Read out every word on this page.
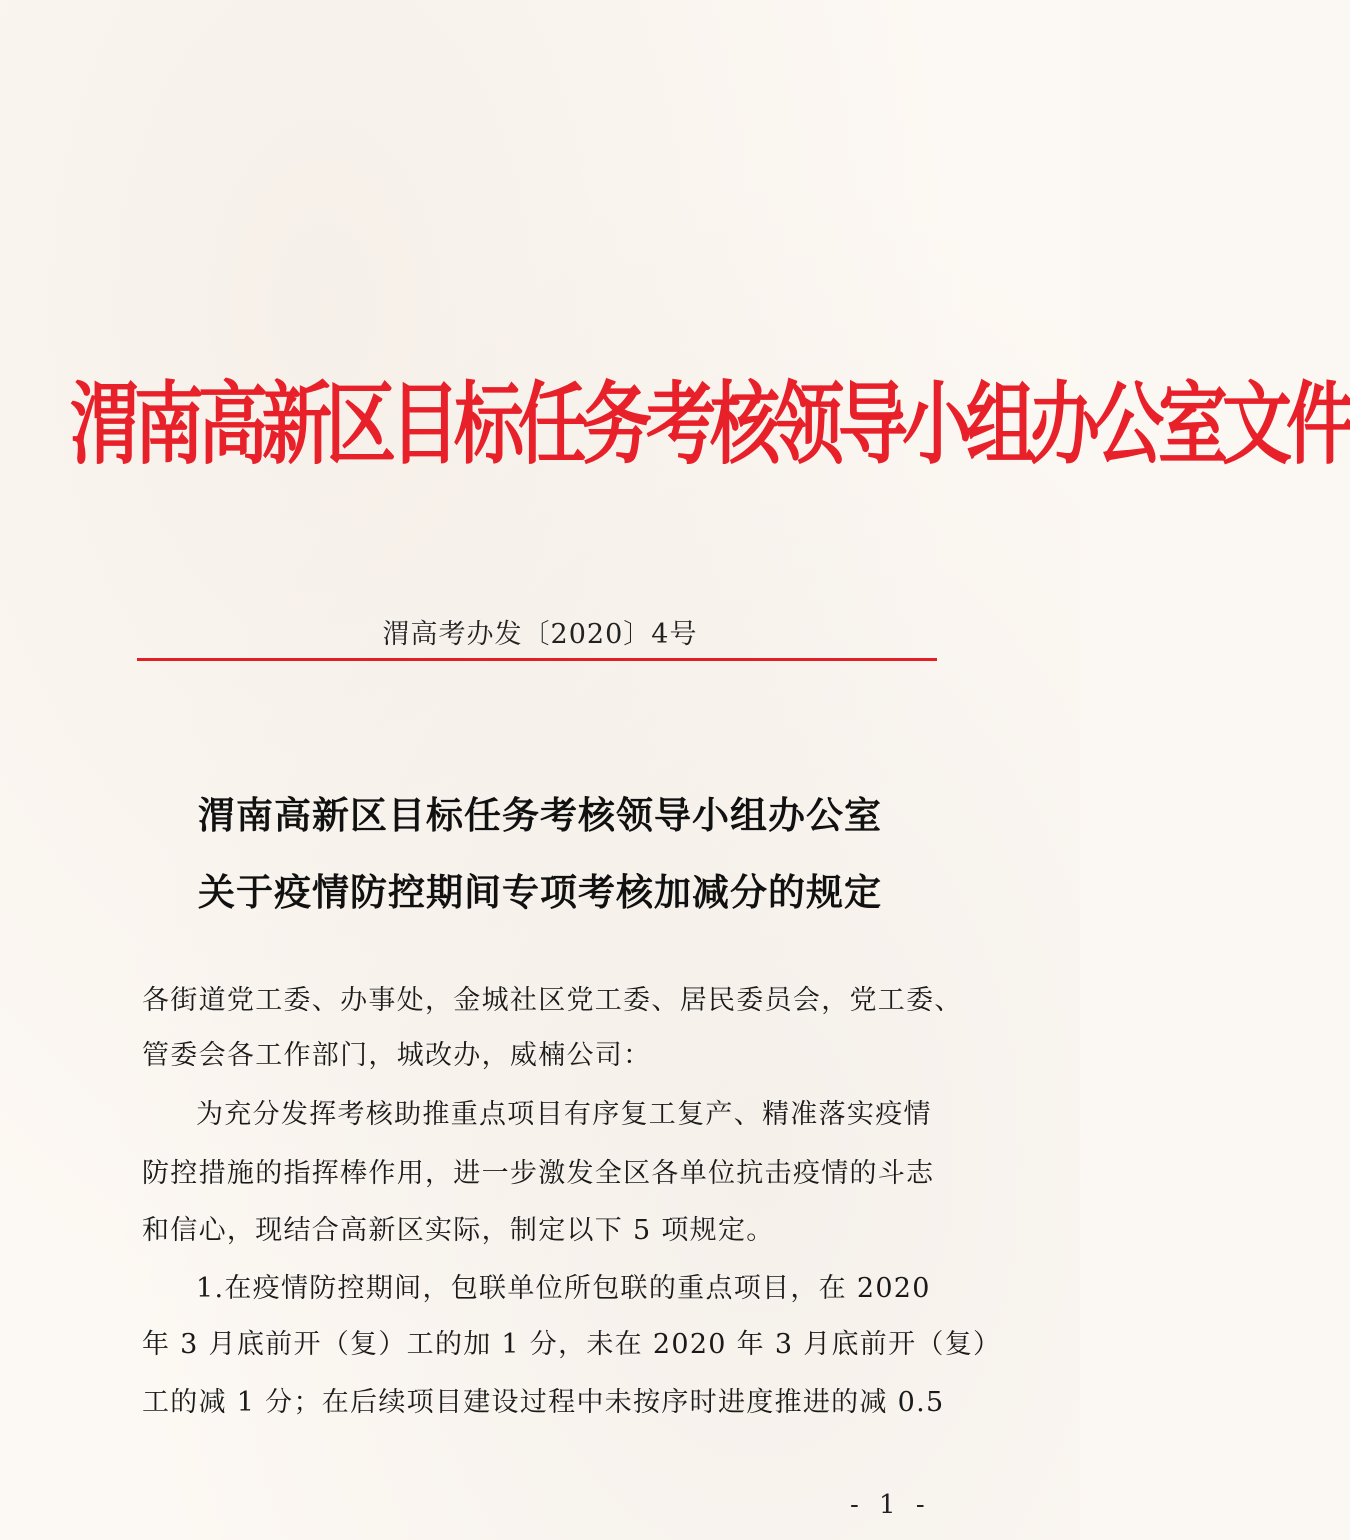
渭南高新区目标任务考核领导小组办公室文件
渭高考办发〔2020〕4号
渭南高新区目标任务考核领导小组办公室
关于疫情防控期间专项考核加减分的规定
各街道党工委、办事处，金城社区党工委、居民委员会，党工委、
管委会各工作部门，城改办，威楠公司：
为充分发挥考核助推重点项目有序复工复产、精准落实疫情
防控措施的指挥棒作用，进一步激发全区各单位抗击疫情的斗志
和信心，现结合高新区实际，制定以下 5 项规定。
1.在疫情防控期间，包联单位所包联的重点项目，在 2020
年 3 月底前开（复）工的加 1 分，未在 2020 年 3 月底前开（复）
工的减 1 分；在后续项目建设过程中未按序时进度推进的减 0.5
- 1 -
